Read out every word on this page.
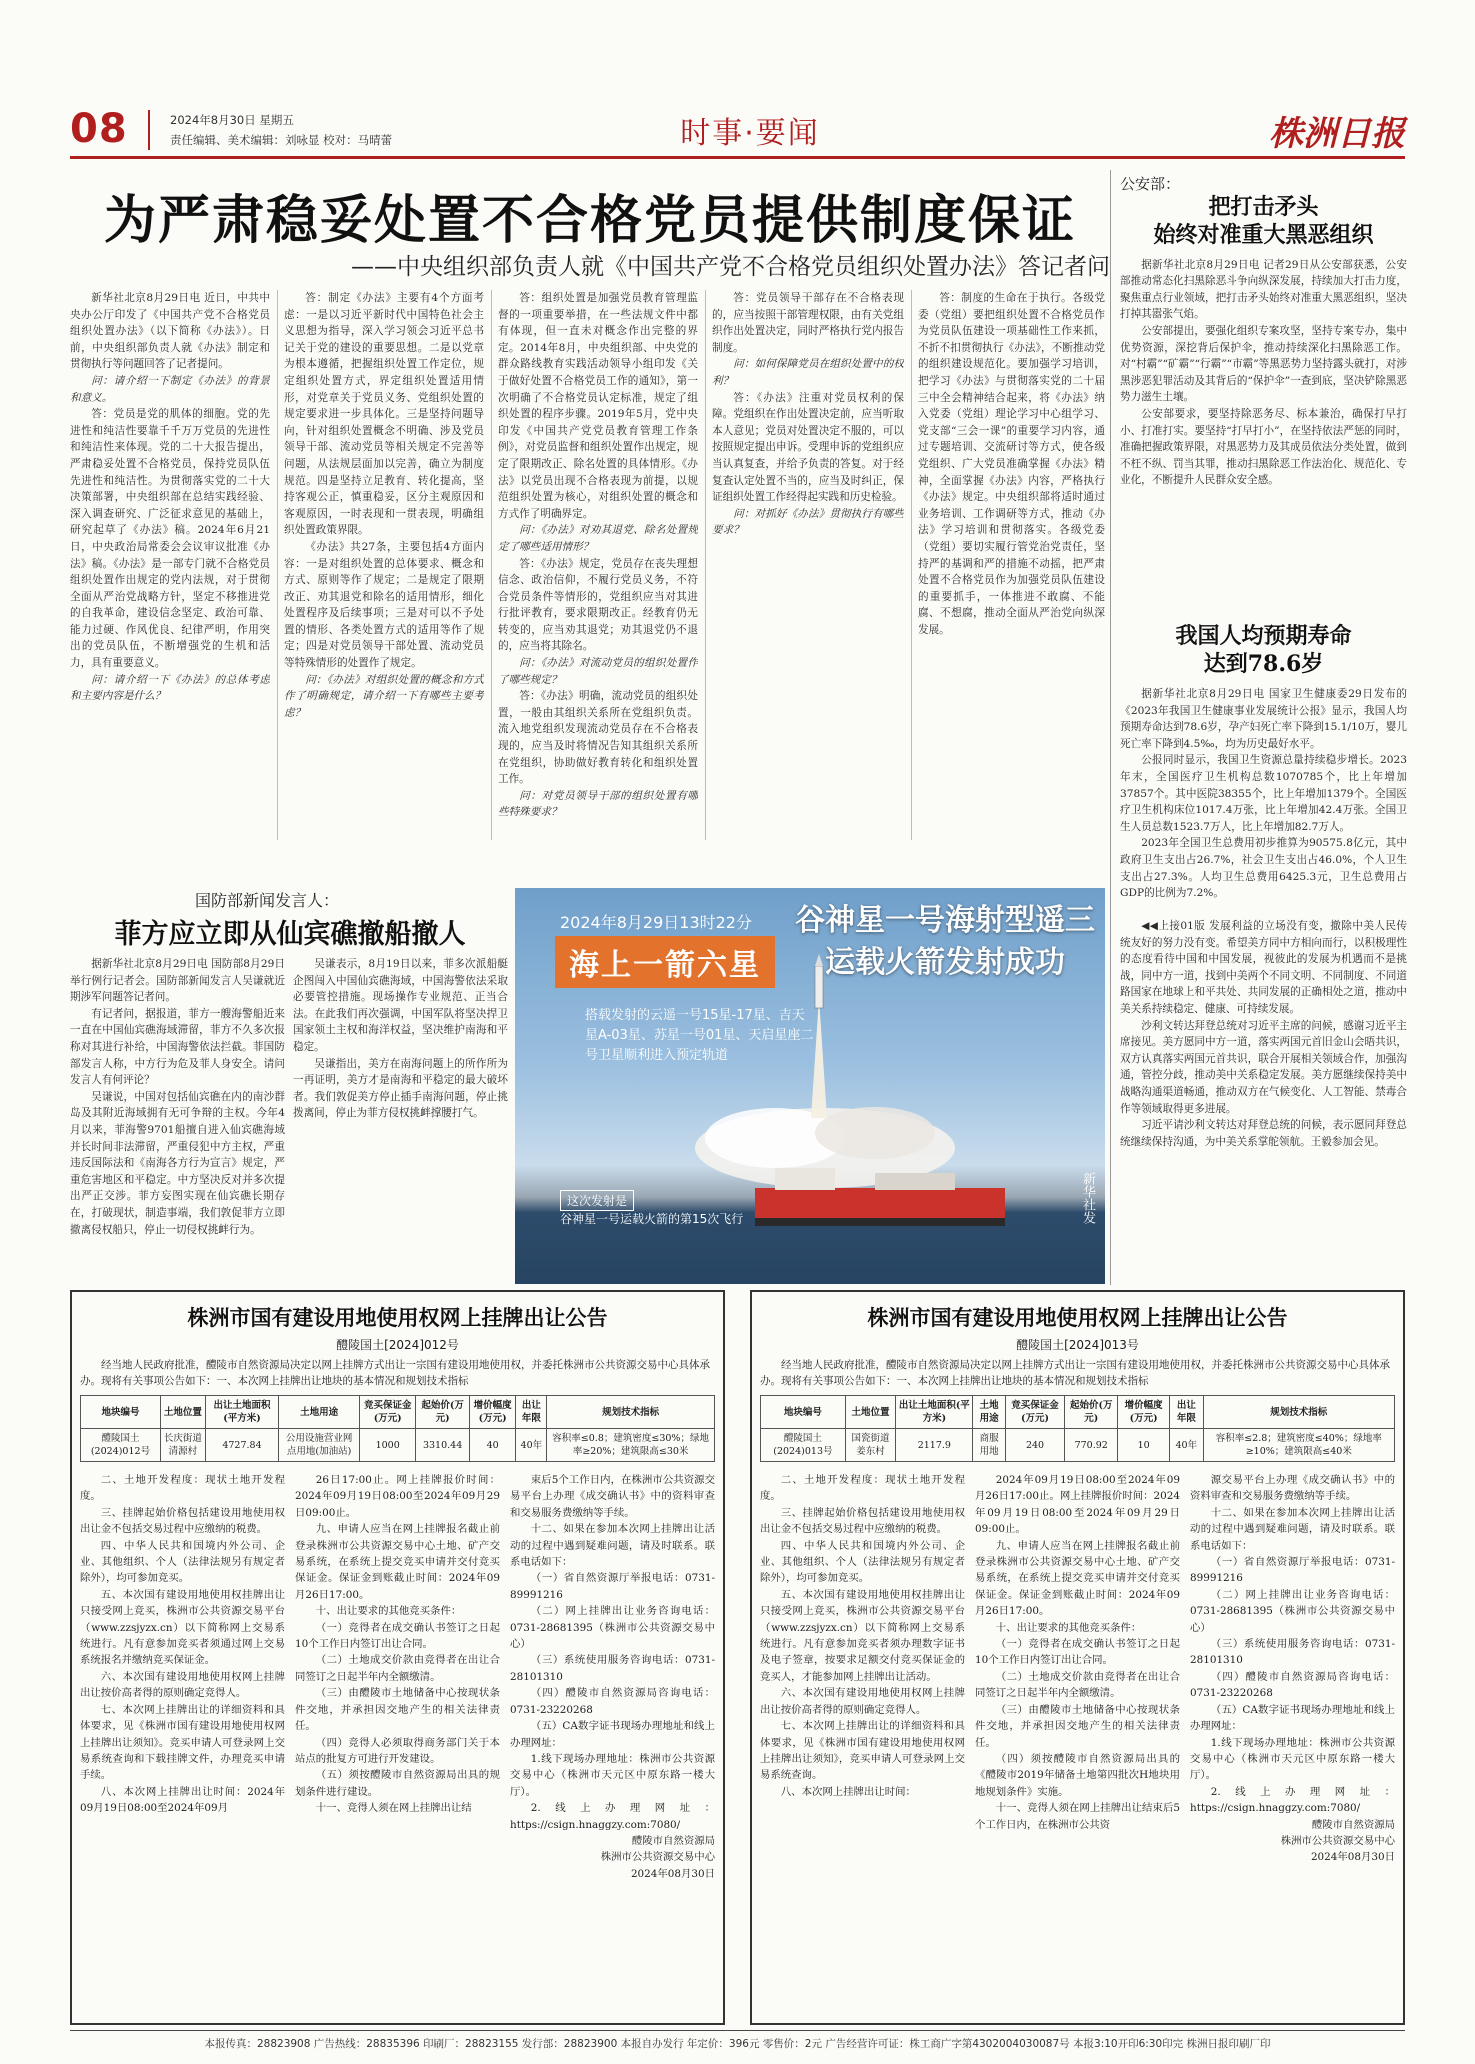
08	2024年8月30日 星期五
责任编辑、美术编辑：刘咏显 校对：马晴蕾	时事·要闻	株洲日报
为严肃稳妥处置不合格党员提供制度保证
——中央组织部负责人就《中国共产党不合格党员组织处置办法》答记者问

新华社北京8月29日电 近日，中共中央办公厅印发了《中国共产党不合格党员组织处置办法》（以下简称《办法》）。日前，中央组织部负责人就《办法》制定和贯彻执行等问题回答了记者提问。

问：请介绍一下制定《办法》的背景和意义。

答：党员是党的肌体的细胞。党的先进性和纯洁性要靠千千万万党员的先进性和纯洁性来体现。党的二十大报告提出，严肃稳妥处置不合格党员，保持党员队伍先进性和纯洁性。为贯彻落实党的二十大决策部署，中央组织部在总结实践经验、深入调查研究、广泛征求意见的基础上，研究起草了《办法》稿。2024年6月21日，中央政治局常委会会议审议批准《办法》稿。《办法》是一部专门就不合格党员组织处置作出规定的党内法规，对于贯彻全面从严治党战略方针，坚定不移推进党的自我革命，建设信念坚定、政治可靠、能力过硬、作风优良、纪律严明，作用突出的党员队伍，不断增强党的生机和活力，具有重要意义。

问：请介绍一下《办法》的总体考虑和主要内容是什么？

答：制定《办法》主要有4个方面考虑：一是以习近平新时代中国特色社会主义思想为指导，深入学习领会习近平总书记关于党的建设的重要思想。二是以党章为根本遵循，把握组织处置工作定位，规定组织处置方式，界定组织处置适用情形，对党章关于党员义务、党组织处置的规定要求进一步具体化。三是坚持问题导向，针对组织处置概念不明确、涉及党员领导干部、流动党员等相关规定不完善等问题，从法规层面加以完善，确立为制度规范。四是坚持立足教育、转化提高，坚持客观公正，慎重稳妥，区分主观原因和客观原因，一时表现和一贯表现，明确组织处置政策界限。

《办法》共27条，主要包括4方面内容：一是对组织处置的总体要求、概念和方式、原则等作了规定；二是规定了限期改正、劝其退党和除名的适用情形，细化处置程序及后续事项；三是对可以不予处置的情形、各类处置方式的适用等作了规定；四是对党员领导干部处置、流动党员等特殊情形的处置作了规定。

问：《办法》对组织处置的概念和方式作了明确规定，请介绍一下有哪些主要考虑？

答：组织处置是加强党员教育管理监督的一项重要举措，在一些法规文件中都有体现，但一直未对概念作出完整的界定。2014年8月，中央组织部、中央党的群众路线教育实践活动领导小组印发《关于做好处置不合格党员工作的通知》，第一次明确了不合格党员认定标准，规定了组织处置的程序步骤。2019年5月，党中央印发《中国共产党党员教育管理工作条例》，对党员监督和组织处置作出规定，规定了限期改正、除名处置的具体情形。《办法》以党员出现不合格表现为前提，以规范组织处置为核心，对组织处置的概念和方式作了明确界定。

问：《办法》对劝其退党、除名处置规定了哪些适用情形？

答：《办法》规定，党员存在丧失理想信念、政治信仰，不履行党员义务，不符合党员条件等情形的，党组织应当对其进行批评教育，要求限期改正。经教育仍无转变的，应当劝其退党；劝其退党仍不退的，应当将其除名。

问：《办法》对流动党员的组织处置作了哪些规定？

答：《办法》明确，流动党员的组织处置，一般由其组织关系所在党组织负责。流入地党组织发现流动党员存在不合格表现的，应当及时将情况告知其组织关系所在党组织，协助做好教育转化和组织处置工作。

问：对党员领导干部的组织处置有哪些特殊要求？

答：党员领导干部存在不合格表现的，应当按照干部管理权限，由有关党组织作出处置决定，同时严格执行党内报告制度。

问：如何保障党员在组织处置中的权利？

答：《办法》注重对党员权利的保障。党组织在作出处置决定前，应当听取本人意见；党员对处置决定不服的，可以按照规定提出申诉。受理申诉的党组织应当认真复查，并给予负责的答复。对于经复查认定处置不当的，应当及时纠正，保证组织处置工作经得起实践和历史检验。

问：对抓好《办法》贯彻执行有哪些要求？

答：制度的生命在于执行。各级党委（党组）要把组织处置不合格党员作为党员队伍建设一项基础性工作来抓，不折不扣贯彻执行《办法》，不断推动党的组织建设规范化。要加强学习培训，把学习《办法》与贯彻落实党的二十届三中全会精神结合起来，将《办法》纳入党委（党组）理论学习中心组学习、党支部“三会一课”的重要学习内容，通过专题培训、交流研讨等方式，使各级党组织、广大党员准确掌握《办法》精神，全面掌握《办法》内容，严格执行《办法》规定。中央组织部将适时通过业务培训、工作调研等方式，推动《办法》学习培训和贯彻落实。各级党委（党组）要切实履行管党治党责任，坚持严的基调和严的措施不动摇，把严肃处置不合格党员作为加强党员队伍建设的重要抓手，一体推进不敢腐、不能腐、不想腐，推动全面从严治党向纵深发展。

公安部：
把打击矛头
始终对准重大黑恶组织

据新华社北京8月29日电 记者29日从公安部获悉，公安部推动常态化扫黑除恶斗争向纵深发展，持续加大打击力度，聚焦重点行业领域，把打击矛头始终对准重大黑恶组织，坚决打掉其嚣张气焰。

公安部提出，要强化组织专案攻坚，坚持专案专办，集中优势资源，深挖背后保护伞，推动持续深化扫黑除恶工作。对“村霸”“矿霸”“行霸”“市霸”等黑恶势力坚持露头就打，对涉黑涉恶犯罪活动及其背后的“保护伞”一查到底，坚决铲除黑恶势力滋生土壤。

公安部要求，要坚持除恶务尽、标本兼治，确保打早打小、打准打实。要坚持“打早打小”，在坚持依法严惩的同时，准确把握政策界限，对黑恶势力及其成员依法分类处置，做到不枉不纵、罚当其罪，推动扫黑除恶工作法治化、规范化、专业化，不断提升人民群众安全感。

我国人均预期寿命
达到78.6岁

据新华社北京8月29日电 国家卫生健康委29日发布的《2023年我国卫生健康事业发展统计公报》显示，我国人均预期寿命达到78.6岁，孕产妇死亡率下降到15.1/10万，婴儿死亡率下降到4.5‰，均为历史最好水平。

公报同时显示，我国卫生资源总量持续稳步增长。2023年末，全国医疗卫生机构总数1070785个，比上年增加37857个。其中医院38355个，比上年增加1379个。全国医疗卫生机构床位1017.4万张，比上年增加42.4万张。全国卫生人员总数1523.7万人，比上年增加82.7万人。

2023年全国卫生总费用初步推算为90575.8亿元，其中政府卫生支出占26.7%，社会卫生支出占46.0%，个人卫生支出占27.3%。人均卫生总费用6425.3元，卫生总费用占GDP的比例为7.2%。

◀◀上接01版 发展利益的立场没有变，撤除中美人民传统友好的努力没有变。希望美方同中方相向而行，以积极理性的态度看待中国和中国发展，视彼此的发展为机遇而不是挑战，同中方一道，找到中美两个不同文明、不同制度、不同道路国家在地球上和平共处、共同发展的正确相处之道，推动中美关系持续稳定、健康、可持续发展。

沙利文转达拜登总统对习近平主席的问候，感谢习近平主席接见。美方愿同中方一道，落实两国元首旧金山会晤共识，双方认真落实两国元首共识，联合开展相关领域合作，加强沟通，管控分歧，推动美中关系稳定发展。美方愿继续保持美中战略沟通渠道畅通，推动双方在气候变化、人工智能、禁毒合作等领域取得更多进展。

习近平请沙利文转达对拜登总统的问候，表示愿同拜登总统继续保持沟通，为中美关系掌舵领航。王毅参加会见。

国防部新闻发言人：
菲方应立即从仙宾礁撤船撤人

据新华社北京8月29日电 国防部8月29日举行例行记者会。国防部新闻发言人吴谦就近期涉军问题答记者问。

有记者问，据报道，菲方一艘海警船近来一直在中国仙宾礁海域滞留，菲方不久多次报称对其进行补给，中国海警依法拦截。菲国防部发言人称，中方行为危及菲人身安全。请问发言人有何评论？

吴谦说，中国对包括仙宾礁在内的南沙群岛及其附近海域拥有无可争辩的主权。今年4月以来，菲海警9701船擅自进入仙宾礁海域并长时间非法滞留，严重侵犯中方主权，严重违反国际法和《南海各方行为宣言》规定，严重危害地区和平稳定。中方坚决反对并多次提出严正交涉。菲方妄图实现在仙宾礁长期存在，打破现状，制造事端，我们敦促菲方立即撤离侵权船只，停止一切侵权挑衅行为。

吴谦表示，8月19日以来，菲多次派船艇企图闯入中国仙宾礁海域，中国海警依法采取必要管控措施。现场操作专业规范、正当合法。在此我们再次强调，中国军队将坚决捍卫国家领土主权和海洋权益，坚决维护南海和平稳定。

吴谦指出，美方在南海问题上的所作所为一再证明，美方才是南海和平稳定的最大破坏者。我们敦促美方停止插手南海问题，停止挑拨离间，停止为菲方侵权挑衅撑腰打气。

2024年8月29日13时22分
海上一箭六星
谷神星一号海射型遥三
运载火箭发射成功
搭载发射的云遥一号15星-17星、吉天星A-03星、苏星一号01星、天启星座二号卫星顺利进入预定轨道
这次发射是
谷神星一号运载火箭的第15次飞行	新华社发
株洲市国有建设用地使用权网上挂牌出让公告
醴陵国土[2024]012号
经当地人民政府批准，醴陵市自然资源局决定以网上挂牌方式出让一宗国有建设用地使用权，并委托株洲市公共资源交易中心具体承办。现将有关事项公告如下：一、本次网上挂牌出让地块的基本情况和规划技术指标
地块编号	土地位置	出让土地面积(平方米)	土地用途	竞买保证金(万元)	起始价(万元)	增价幅度(万元)	出让年限	规划技术指标
醴陵国土(2024)012号	长庆街道清源村	4727.84	公用设施营业网点用地(加油站)	1000	3310.44	40	40年	容积率≤0.8；建筑密度≤30%；绿地率≥20%；建筑限高≤30米

二、土地开发程度：现状土地开发程度。

三、挂牌起始价格包括建设用地使用权出让金不包括交易过程中应缴纳的税费。

四、中华人民共和国境内外公司、企业、其他组织、个人（法律法规另有规定者除外），均可参加竞买。

五、本次国有建设用地使用权挂牌出让只接受网上竞买，株洲市公共资源交易平台（www.zzsjyzx.cn）以下简称网上交易系统进行。凡有意参加竞买者须通过网上交易系统报名并缴纳竞买保证金。

六、本次国有建设用地使用权网上挂牌出让按价高者得的原则确定竞得人。

七、本次网上挂牌出让的详细资料和具体要求，见《株洲市国有建设用地使用权网上挂牌出让须知》。竞买申请人可登录网上交易系统查询和下载挂牌文件，办理竞买申请手续。

八、本次网上挂牌出让时间：2024年09月19日08:00至2024年09月

26日17:00止。网上挂牌报价时间：2024年09月19日08:00至2024年09月29日09:00止。

九、申请人应当在网上挂牌报名截止前登录株洲市公共资源交易中心土地、矿产交易系统，在系统上提交竞买申请并交付竞买保证金。保证金到账截止时间：2024年09月26日17:00。

十、出让要求的其他竞买条件：

（一）竞得者在成交确认书签订之日起10个工作日内签订出让合同。

（二）土地成交价款由竞得者在出让合同签订之日起半年内全额缴清。

（三）由醴陵市土地储备中心按现状条件交地，并承担因交地产生的相关法律责任。

（四）竞得人必须取得商务部门关于本站点的批复方可进行开发建设。

（五）须按醴陵市自然资源局出具的规划条件进行建设。

十一、竞得人须在网上挂牌出让结

束后5个工作日内，在株洲市公共资源交易平台上办理《成交确认书》中的资料审查和交易服务费缴纳等手续。

十二、如果在参加本次网上挂牌出让活动的过程中遇到疑难问题，请及时联系。联系电话如下：

（一）省自然资源厅举报电话：0731-89991216

（二）网上挂牌出让业务咨询电话：0731-28681395（株洲市公共资源交易中心）

（三）系统使用服务咨询电话：0731-28101310

（四）醴陵市自然资源局咨询电话：0731-23220268

（五）CA数字证书现场办理地址和线上办理网址：

1.线下现场办理地址：株洲市公共资源交易中心（株洲市天元区中原东路一楼大厅）。

2.线上办理网址：https://csign.hnaggzy.com:7080/

醴陵市自然资源局

株洲市公共资源交易中心

2024年08月30日

株洲市国有建设用地使用权网上挂牌出让公告
醴陵国土[2024]013号
经当地人民政府批准，醴陵市自然资源局决定以网上挂牌方式出让一宗国有建设用地使用权，并委托株洲市公共资源交易中心具体承办。现将有关事项公告如下：一、本次网上挂牌出让地块的基本情况和规划技术指标
地块编号	土地位置	出让土地面积(平方米)	土地用途	竞买保证金(万元)	起始价(万元)	增价幅度(万元)	出让年限	规划技术指标
醴陵国土(2024)013号	国瓷街道姜东村	2117.9	商服用地	240	770.92	10	40年	容积率≤2.8；建筑密度≤40%；绿地率≥10%；建筑限高≤40米

二、土地开发程度：现状土地开发程度。

三、挂牌起始价格包括建设用地使用权出让金不包括交易过程中应缴纳的税费。

四、中华人民共和国境内外公司、企业、其他组织、个人（法律法规另有规定者除外），均可参加竞买。

五、本次国有建设用地使用权挂牌出让只接受网上竞买，株洲市公共资源交易平台（www.zzsjyzx.cn）以下简称网上交易系统进行。凡有意参加竞买者须办理数字证书及电子签章，按要求足额交付竞买保证金的竞买人，才能参加网上挂牌出让活动。

六、本次国有建设用地使用权网上挂牌出让按价高者得的原则确定竞得人。

七、本次网上挂牌出让的详细资料和具体要求，见《株洲市国有建设用地使用权网上挂牌出让须知》，竞买申请人可登录网上交易系统查询。

八、本次网上挂牌出让时间：

2024年09月19日08:00至2024年09月26日17:00止。网上挂牌报价时间：2024年09月19日08:00至2024年09月29日09:00止。

九、申请人应当在网上挂牌报名截止前登录株洲市公共资源交易中心土地、矿产交易系统，在系统上提交竞买申请并交付竞买保证金。保证金到账截止时间：2024年09月26日17:00。

十、出让要求的其他竞买条件：

（一）竞得者在成交确认书签订之日起10个工作日内签订出让合同。

（二）土地成交价款由竞得者在出让合同签订之日起半年内全额缴清。

（三）由醴陵市土地储备中心按现状条件交地，并承担因交地产生的相关法律责任。

（四）须按醴陵市自然资源局出具的《醴陵市2019年储备土地第四批次H地块用地规划条件》实施。

十一、竞得人须在网上挂牌出让结束后5个工作日内，在株洲市公共资

源交易平台上办理《成交确认书》中的资料审查和交易服务费缴纳等手续。

十二、如果在参加本次网上挂牌出让活动的过程中遇到疑难问题，请及时联系。联系电话如下：

（一）省自然资源厅举报电话：0731-89991216

（二）网上挂牌出让业务咨询电话：0731-28681395（株洲市公共资源交易中心）

（三）系统使用服务咨询电话：0731-28101310

（四）醴陵市自然资源局咨询电话：0731-23220268

（五）CA数字证书现场办理地址和线上办理网址：

1.线下现场办理地址：株洲市公共资源交易中心（株洲市天元区中原东路一楼大厅）。

2.线上办理网址：https://csign.hnaggzy.com:7080/

醴陵市自然资源局

株洲市公共资源交易中心

2024年08月30日

本报传真：28823908 广告热线：28835396 印刷厂：28823155 发行部：28823900 本报自办发行 年定价：396元 零售价：2元 广告经营许可证：株工商广字第4302004030087号 本报3:10开印6:30印完 株洲日报印刷厂印
